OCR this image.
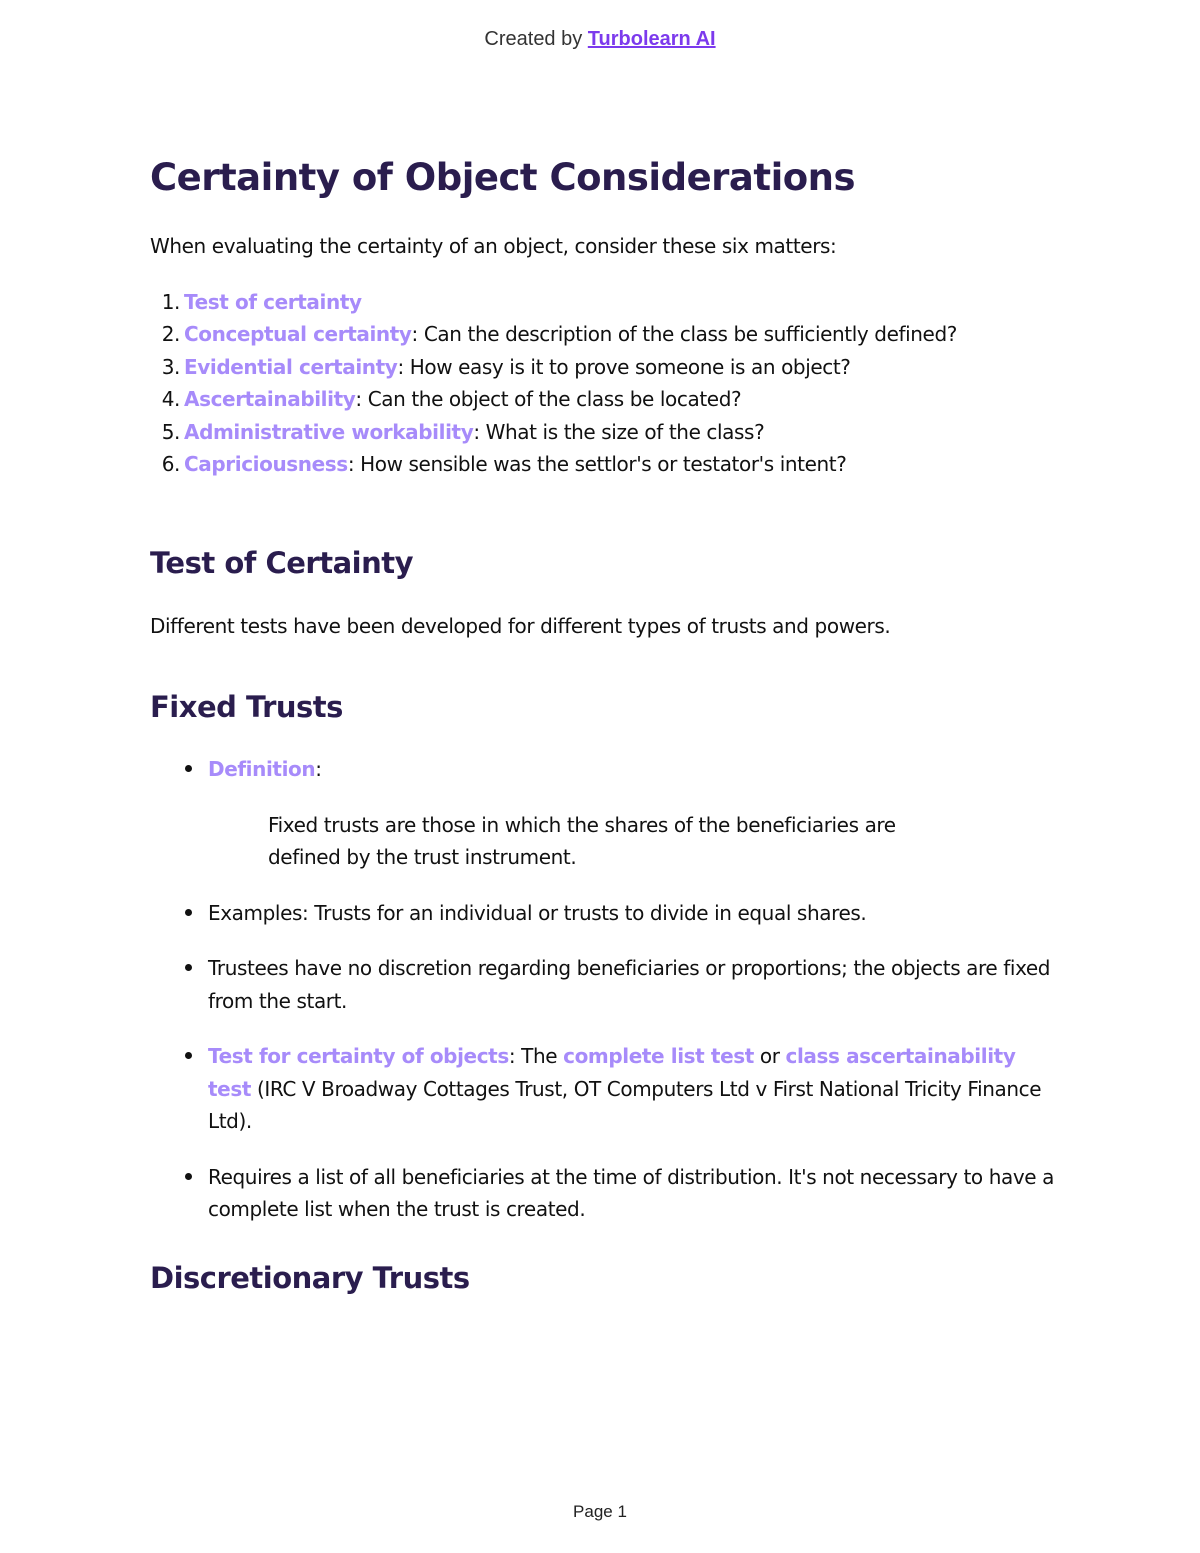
Created by Turbolearn AI
Certainty of Object Considerations

When evaluating the certainty of an object, consider these six matters:

1. Test of certainty
2. Conceptual certainty: Can the description of the class be sufficiently defined?
3. Evidential certainty: How easy is it to prove someone is an object?
4. Ascertainability: Can the object of the class be located?
5. Administrative workability: What is the size of the class?
6. Capriciousness: How sensible was the settlor's or testator's intent?
Test of Certainty

Different tests have been developed for different types of trusts and powers.

Fixed Trusts
Definition:

Fixed trusts are those in which the shares of the beneficiaries are defined by the trust instrument.

Examples: Trusts for an individual or trusts to divide in equal shares.
Trustees have no discretion regarding beneficiaries or proportions; the objects are fixed from the start.
Test for certainty of objects: The complete list test or class ascertainability test (IRC V Broadway Cottages Trust, OT Computers Ltd v First National Tricity Finance Ltd).
Requires a list of all beneficiaries at the time of distribution. It's not necessary to have a complete list when the trust is created.
Discretionary Trusts
Page 1
